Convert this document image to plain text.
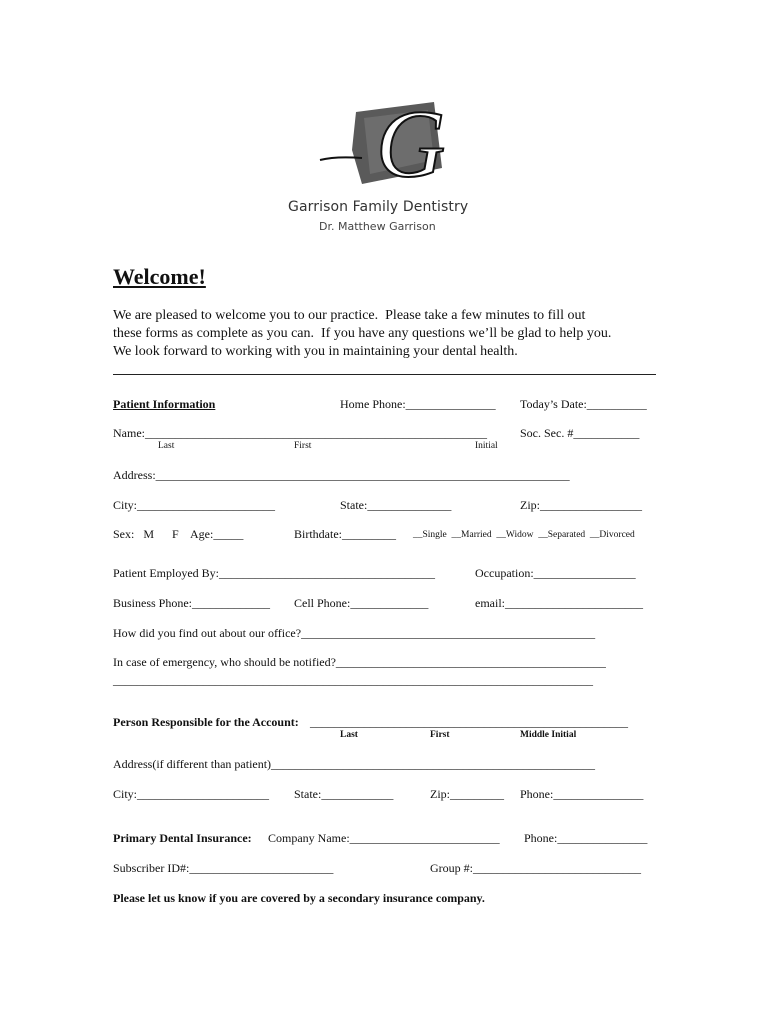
G
Garrison Family Dentistry
Dr. Matthew Garrison
Welcome!
We are pleased to welcome you to our practice.  Please take a few minutes to fill out
these forms as complete as you can.  If you have any questions we’ll be glad to help you.
We look forward to working with you in maintaining your dental health.
Patient Information	Home Phone:_______________ Today’s Date:__________
Name:_________________________________________________________	Soc. Sec. #___________
Last	First	Initial
Address:_____________________________________________________________________
City:_______________________	State:______________	Zip:_________________
Sex:   M      F    Age:_____	Birthdate:_________ __Single  __Married  __Widow  __Separated  __Divorced
Patient Employed By:____________________________________	Occupation:_________________
Business Phone:_____________ Cell Phone:_____________	email:_______________________
How did you find out about our office?_________________________________________________
In case of emergency, who should be notified?_____________________________________________
________________________________________________________________________________
Person Responsible for the Account: _____________________________________________________
Last	First	Middle Initial
Address(if different than patient)______________________________________________________
City:______________________ State:____________	Zip:_________ Phone:_______________
Primary Dental Insurance: Company Name:_________________________ Phone:_______________
Subscriber ID#:________________________	Group #:____________________________
Please let us know if you are covered by a secondary insurance company.
